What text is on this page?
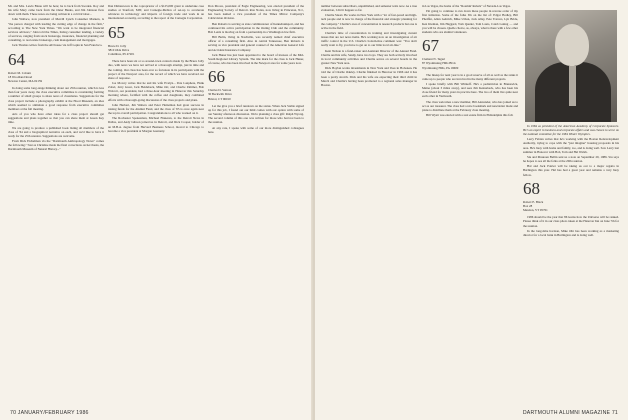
Mr. and Mrs. Lewis Bleau will be here; he is back from Sweden. Roy and his wife Mary came back from the Outer Banks, and Jim Johnson flew down with them. These notes are being written in a cold October...

John Wallace, now president of Merrill Lynch Consumer Markets, is "the person charged with leading the cutting edge of change in the firm," according to The New York Times. "We want to be integrated financial services advisors," John told the Times, listing consumer lending, a variety of services, ranging from stock brokerage, insurance, financial planning and consulting, to real estate brokerage, cash management and mortgages.

Jack Thomas writes from the AD house via Jeff Lapin in San Francisco.

64
Robert M. Coburn
18 Woodland Road
Newton Center, MA 02159

In doing some long-range thinking about our 25th reunion, which is less than four years away, the class executive committee is considering forming a number of small groups to share news of classmates. Suggestions for the class project include a photography exhibit at the Hood Museum, an idea which seemed to stimulate a good response from executive committee members at the fall meeting.

Arts of you who have other ideas for a class project should get suggestions and plans together so that you can share them at Green Key time.

We are going to produce a published book listing all members of the class of '64 and a biographical narrative on each, and we'd like to have it ready for the 25th reunion. Suggestions are welcome.

From Dick Eichelman via the "Dartmouth Anthropology Notes" comes the following: "Just as Christine made the final corrections on her thesis, the Dartmouth Museum of Natural History..."

Dan Dimancescu is the coproprietor of a $125,000 grant to undertake case studies at Stanford, MIT, and Carnegie-Mellon of set-up to accelerate advances in technology and impacts of foreign trade and work in an international economy, according to the report of the Carnegie Corporation.

65
Bruce D. Jolly
3810 Olde Drive
Columbus, IN 47201

There have been six or so around-town contacts made by the Bruce Jolly duo, with news we have not arrived at a thorough attempt, just in time and the coming. Our class has been ever so fortunate in its participants with the project of the Newport area, for the record of which we have received our share of response.

Joe Mowry writes that he and his wife Evelyn... Pete Lanphere, Hank Zobel, Jerry Greer, Jack Heidebeck, Mike Orr, and Charlie Zimmer, Bob Wolcott, our president, had a three-hour meeting in Hanover this Saturday morning where, fortified with the coffee and doughnuts, they combined efforts with a thorough-going discussion of the class projects and plans.

John Herbert, Jim Walters and Peter Heinzman had great success in raising funds for the Alumni Fund, and the class of '65 is once again near the top in overall participation. Congratulations to all who worked on it.

The Rochester Spokesman, Michael Finneran, to the Detroit News in Dallas, and Andy Gibson joined us in Detroit, and Rick Cooper, holder of an M.B.A. degree from Harvard Business School, moved to Chicago to become a vice president at Morgan Guaranty.

Don Moore, president of Eagle Engineering, was elected president of the Engineering Society of Detroit. Ron Nolan, now living in Princeton, N.J., has been named a vice president of the Times Mirror Company's Cablevision division.

Ben Roberts is serving as state commissioner of Kennebunkport, and has continued his active participation in the Outing Club and the community. Bob Lentz is moving on from a partnership in a Washington law firm.

Bill Bulin, living in Nashville, was recently named chief executive officer of a consulting firm. Also in central Tennessee, Ben Roberts is serving as vice president and general counsel of the American General Life and Accident Insurance Company.

Jack Huner has just been appointed to the board of trustees of the Mid-South Regional Library System. The tide mark for the class is Jack Huner, of course, who has been involved in the Newport area for some years now.

66
Charles D. Vernon
30 Beckwith Drive
Bristol, CT 06010

Let me give you a brief rundown on the status. When Jack Stable signed up for this job, I found out our limit comes with our option with some of our Sunday afternoon discussion. We're planning a class gift: Ralph Wyong. The second column of this one was written for those who had not been to the reunion.

At any rate, I spoke with some of our more distinguished colleagues here.

70 JANUARY/FEBRUARY 1986

number between subscribers, unpublished, and semester texts now. As a true evaluation, I did it happen so far.

Charlie Stuart. He works in New York with a "lot of fast-paced and high-tech people and is now in charge of the financial and strategic planning for the company." Charlie's area of concentration is research products but one is active in the field.

Charlie's time of concentration in training and investigating current issues that are not news items. He's working now on an investigation of air traffic control in the U.S. Charlie's bottom-line comment was: "You don't really want to fly, you have to get on to our little local air-line."

Kent Nelson is a fund-raiser and Assistant Director of the Annual Fund. Charlie and his wife, Sandy, have two boys. They are both actively involved in local community activities and Charlie serves on several boards in the greater New York area.

Dick Boylan works investments in New York and lives in Hoboken. He told me of Charlie Oakley. Charlie finished in Hanover in 1966 and it has been a pretty stretch. Dick and his wife are expecting their third child in March and Charlie's having been promoted to a regional sales manager in Boston.

in Las Vegas, the home of the "Roamin' Rebels" of Nevada-Las Vegas.

I'm going to continue to run down these people in reverse order of my first initiation. Some of the folks I'm on the list of: Edgar Hedley, Bill Pheiffer, Allen Gehrich, Mike Urban, Jack Alley, Pete Travers, Lyn Bride, Ken Kleman, Jim Haggard, Tom Quantz, Tom Louis, Caleb Laning — and you will be chosen. Quelle choice, as, always, what is there with a few other students who are alumni volunteers.

67
Clement N. Tegart
87 Wyomissing Hills Blvd.
Wyomissing Hills, PA 19609

The lineup for next year is in a good reserve of all as well as the ranks it came up to people who are involved in the many different projects.

I spoke briefly with Bill Wittkoff. He's a pediatrician in Brunswick, Maine (about 3 miles away), and sees Jim Kennebeck, who has been his close friend for many years in practice here. The two of them live quite near each other in Yarmouth.

The class welcomes a new member, Bill Alexander, who has joined us to act as our treasurer. The class had a nice bookmark and newsletter made and plans to distribute them at the February class meeting.

Bill Wyatt was elected with a real estate firm in Philadelphia this fall.

In 1984 as president of the American Academy of Corporate Sponsors. He's an expert in business and corporate affairs and was chosen to serve on the national committee for the 1984 Winter Olympics.

Larry Fabian writes that he's working with the Boston Redevelopment Authority, trying to cope with the "just imagine" housing proposals in his area. He's busy with home and family, too, and is doing well. Saw Larry last summer in Hanover with Bob, Tom and Hal Walsh.

Stu and Maureen Bellin sent us a note on September 29, 1986. Stu says he hopes to see all the folks at the 20th reunion.

Hal and Jack Poirier will be taking us out to a major regatta in Burlington this year. Hal has had a great year and remains a very busy fellow.

68
Robert E. Black
Box 28
Mendon, VT 05701

1986 should be the year that 86 learns how the Universe will be ranked. Please think of it in our class photo taken at the Hanover Inn on June 7th for the reunion.

In the long-time horizon, Mike Ohr has been working as a marketing director for a local bank in Burlington and is doing well.

DARTMOUTH ALUMNI MAGAZINE 71
